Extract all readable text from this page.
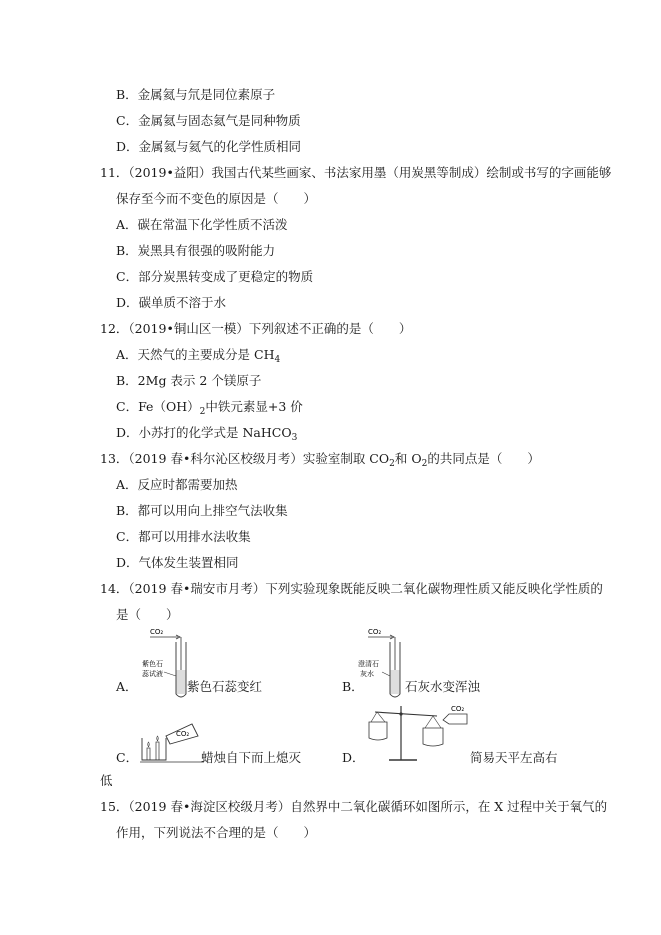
B．金属氦与氘是同位素原子
C．金属氦与固态氦气是同种物质
D．金属氦与氦气的化学性质相同
11．（2019•益阳）我国古代某些画家、书法家用墨（用炭黑等制成）绘制或书写的字画能够
保存至今而不变色的原因是（　　）
A．碳在常温下化学性质不活泼
B．炭黑具有很强的吸附能力
C．部分炭黑转变成了更稳定的物质
D．碳单质不溶于水
12．（2019•铜山区一模）下列叙述不正确的是（　　）
A．天然气的主要成分是 $CH_4$
B．2Mg 表示 2 个镁原子
C．$Fe(OH)_2$中铁元素显+3 价
D．小苏打的化学式是 NaHCO$_3$
13．（2019 春•科尔沁区校级月考）实验室制取 $CO_2$和 $O_2$的共同点是（　　）
A．反应时都需要加热
B．都可以用向上排空气法收集
C．都可以用排水法收集
D．气体发生装置相同
14．（2019 春•瑞安市月考）下列实验现象既能反映二氧化碳物理性质又能反映化学性质的
是（　　）
CO₂
紫色石
蕊试液
A．	紫色石蕊变红
CO₂
澄清石
灰水
B．	石灰水变浑浊
CO₂
C．	蜡烛自下而上熄灭
CO₂
D．	简易天平左高右
低
15．（2019 春•海淀区校级月考）自然界中二氧化碳循环如图所示，在 X 过程中关于氧气的
作用，下列说法不合理的是（　　）
